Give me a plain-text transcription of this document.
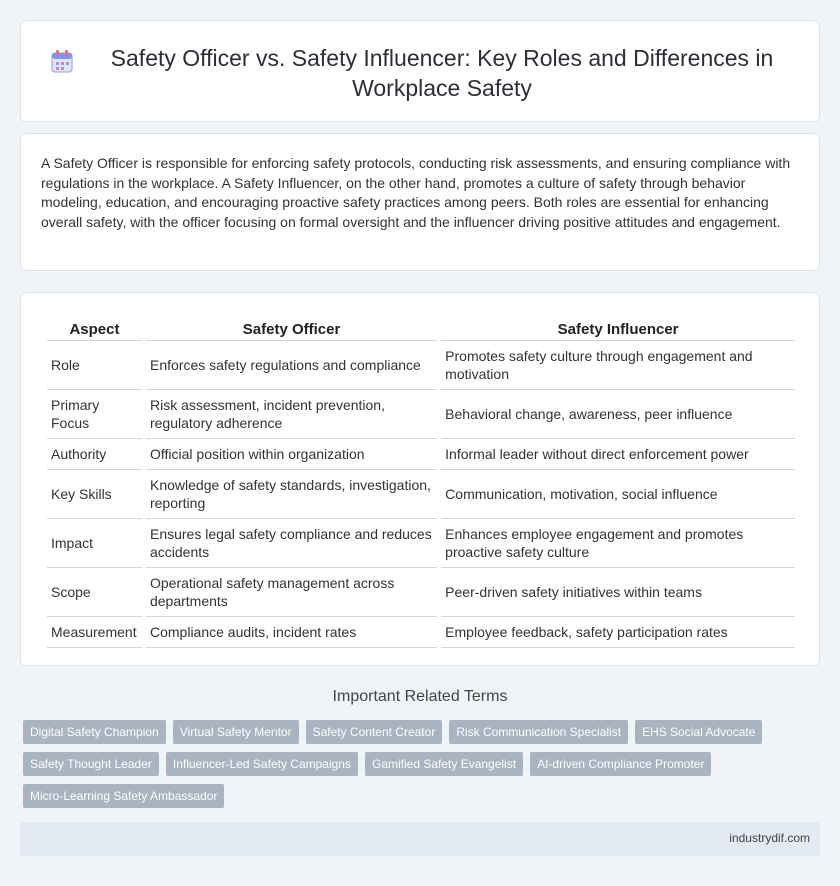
Safety Officer vs. Safety Influencer: Key Roles and Differences in Workplace Safety

A Safety Officer is responsible for enforcing safety protocols, conducting risk assessments, and ensuring compliance with regulations in the workplace. A Safety Influencer, on the other hand, promotes a culture of safety through behavior modeling, education, and encouraging proactive safety practices among peers. Both roles are essential for enhancing overall safety, with the officer focusing on formal oversight and the influencer driving positive attitudes and engagement.

Aspect	Safety Officer	Safety Influencer
Role	Enforces safety regulations and compliance	Promotes safety culture through engagement and motivation
Primary Focus	Risk assessment, incident prevention, regulatory adherence	Behavioral change, awareness, peer influence
Authority	Official position within organization	Informal leader without direct enforcement power
Key Skills	Knowledge of safety standards, investigation, reporting	Communication, motivation, social influence
Impact	Ensures legal safety compliance and reduces accidents	Enhances employee engagement and promotes proactive safety culture
Scope	Operational safety management across departments	Peer-driven safety initiatives within teams
Measurement	Compliance audits, incident rates	Employee feedback, safety participation rates
Important Related Terms
Digital Safety Champion	Virtual Safety Mentor	Safety Content Creator	Risk Communication Specialist	EHS Social Advocate
Safety Thought Leader	Influencer-Led Safety Campaigns	Gamified Safety Evangelist	AI-driven Compliance Promoter
Micro-Learning Safety Ambassador
industrydif.com
